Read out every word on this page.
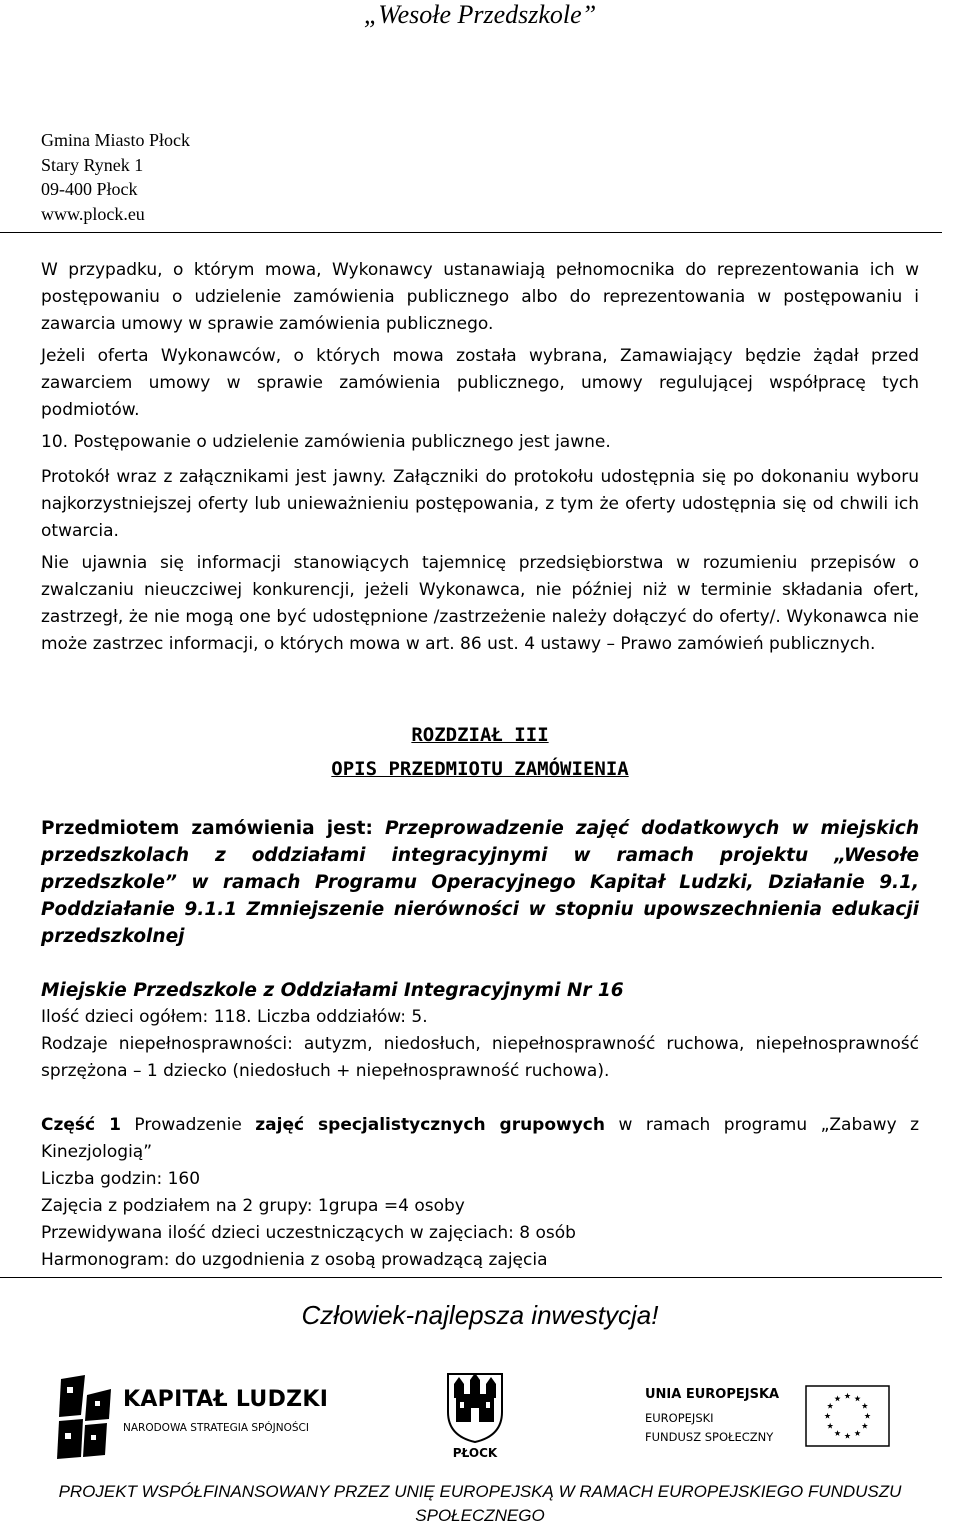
„Wesołe Przedszkole”
Gmina Miasto Płock
Stary Rynek 1
09-400 Płock
www.plock.eu
W przypadku, o którym mowa, Wykonawcy ustanawiają pełnomocnika do reprezentowania ich w postępowaniu o udzielenie zamówienia publicznego albo do reprezentowania w postępowaniu i zawarcia umowy w sprawie zamówienia publicznego.
Jeżeli oferta Wykonawców, o których mowa została wybrana, Zamawiający będzie żądał przed zawarciem umowy w sprawie zamówienia publicznego, umowy regulującej współpracę tych podmiotów.
10. Postępowanie o udzielenie zamówienia publicznego jest jawne.
Protokół wraz z załącznikami jest jawny. Załączniki do protokołu udostępnia się po dokonaniu wyboru najkorzystniejszej oferty lub unieważnieniu postępowania, z tym że oferty udostępnia się od chwili ich otwarcia.
Nie ujawnia się informacji stanowiących tajemnicę przedsiębiorstwa w rozumieniu przepisów o zwalczaniu nieuczciwej konkurencji, jeżeli Wykonawca, nie później niż w terminie składania ofert, zastrzegł, że nie mogą one być udostępnione /zastrzeżenie należy dołączyć do oferty/. Wykonawca nie może zastrzec informacji, o których mowa w art. 86 ust. 4 ustawy – Prawo zamówień publicznych.
ROZDZIAŁ III
OPIS PRZEDMIOTU ZAMÓWIENIA
Przedmiotem zamówienia jest: Przeprowadzenie zajęć dodatkowych w miejskich przedszkolach z oddziałami integracyjnymi w ramach projektu „Wesołe przedszkole” w ramach Programu Operacyjnego Kapitał Ludzki, Działanie 9.1, Poddziałanie 9.1.1 Zmniejszenie nierówności w stopniu upowszechnienia edukacji przedszkolnej
Miejskie Przedszkole z Oddziałami Integracyjnymi Nr 16
Ilość dzieci ogółem: 118. Liczba oddziałów: 5.
Rodzaje niepełnosprawności: autyzm, niedosłuch, niepełnosprawność ruchowa, niepełnosprawność sprzężona – 1 dziecko (niedosłuch + niepełnosprawność ruchowa).
Część 1 Prowadzenie zajęć specjalistycznych grupowych w ramach programu „Zabawy z Kinezjologią”
Liczba godzin: 160
Zajęcia z podziałem na 2 grupy: 1grupa =4 osoby
Przewidywana ilość dzieci uczestniczących w zajęciach: 8 osób
Harmonogram: do uzgodnienia z osobą prowadzącą zajęcia
Człowiek-najlepsza inwestycja!
KAPITAŁ LUDZKI
NARODOWA STRATEGIA SPÓJNOŚCI
PŁOCK
UNIA EUROPEJSKA
EUROPEJSKI
FUNDUSZ SPOŁECZNY
PROJEKT WSPÓŁFINANSOWANY PRZEZ UNIĘ EUROPEJSKĄ W RAMACH EUROPEJSKIEGO FUNDUSZU
SPOŁECZNEGO
